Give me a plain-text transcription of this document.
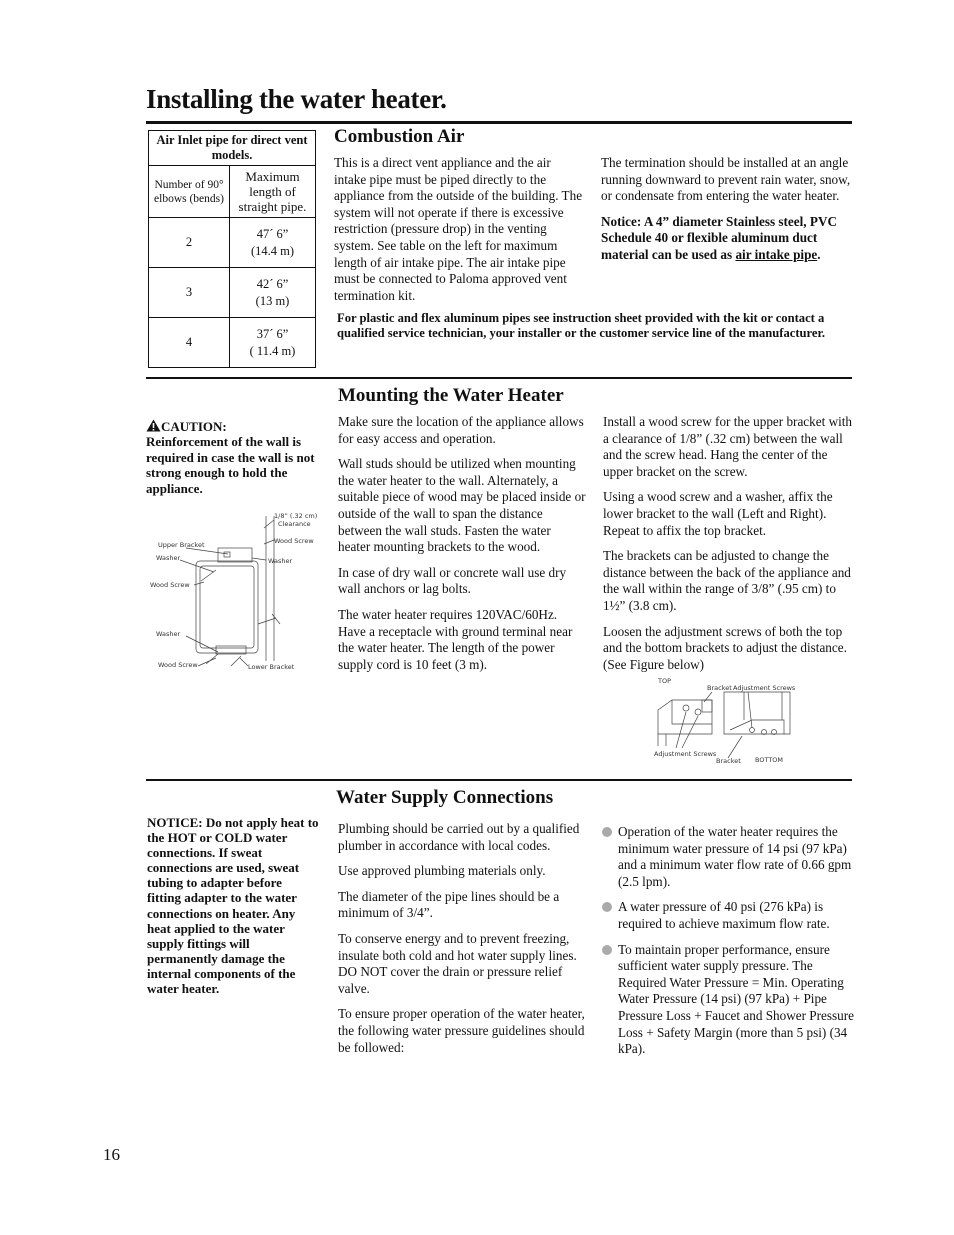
Installing the water heater.
Air Inlet pipe for direct vent models.	
Number of 90° elbows (bends)	Maximum length of straight pipe.
2	47´ 6”
(14.4 m)
3	42´ 6”
(13 m)
4	37´ 6”
( 11.4 m)
Combustion Air

This is a direct vent appliance and the air intake pipe must be piped directly to the appliance from the outside of the building. The system will not operate if there is excessive restriction (pressure drop) in the venting system. See table on the left for maximum length of air intake pipe. The air intake pipe must be connected to Paloma approved vent termination kit.

The termination should be installed at an angle running downward to prevent rain water, snow, or condensate from entering the water heater.

Notice: A 4” diameter Stainless steel, PVC Schedule 40 or flexible aluminum duct material can be used as air intake pipe.

For plastic and flex aluminum pipes see instruction sheet provided with the kit or contact a qualified service technician, your installer or the customer service line of the manufacturer.

Mounting the Water Heater
CAUTION:
Reinforcement of the wall is required in case the wall is not strong enough to hold the appliance.
1/8” (.32 cm)
Clearance
Wood Screw
Upper Bracket
Washer	Washer
Wood Screw
Washer
Wood Screw	Lower Bracket

Make sure the location of the appliance allows for easy access and operation.

Wall studs should be utilized when mounting the water heater to the wall. Alternately, a suitable piece of wood may be placed inside or outside of the wall to span the distance between the wall studs. Fasten the water heater mounting brackets to the wood.

In case of dry wall or concrete wall use dry wall anchors or lag bolts.

The water heater requires 120VAC/60Hz. Have a receptacle with ground terminal near the water heater. The length of the power supply cord is 10 feet (3 m).

Install a wood screw for the upper bracket with a clearance of 1/8” (.32 cm) between the wall and the screw head. Hang the center of the upper bracket on the screw.

Using a wood screw and a washer, affix the lower bracket to the wall (Left and Right). Repeat to affix the top bracket.

The brackets can be adjusted to change the distance between the back of the appliance and the wall within the range of 3/8” (.95 cm) to 1½” (3.8 cm).

Loosen the adjustment screws of both the top and the bottom brackets to adjust the distance. (See Figure below)

TOP
Bracket Adjustment Screws
Adjustment Screws
Bracket BOTTOM
Water Supply Connections
NOTICE: Do not apply heat to the HOT or COLD water connections. If sweat connections are used, sweat tubing to adapter before fitting adapter to the water connections on heater. Any heat applied to the water supply fittings will permanently damage the internal components of the water heater.

Plumbing should be carried out by a qualified plumber in accordance with local codes.

Use approved plumbing materials only.

The diameter of the pipe lines should be a minimum of 3/4”.

To conserve energy and to prevent freezing, insulate both cold and hot water supply lines. DO NOT cover the drain or pressure relief valve.

To ensure proper operation of the water heater, the following water pressure guidelines should be followed:

Operation of the water heater requires the minimum water pressure of 14 psi (97 kPa) and a minimum water flow rate of 0.66 gpm (2.5 lpm).

A water pressure of 40 psi (276 kPa) is required to achieve maximum flow rate.

To maintain proper performance, ensure sufficient water supply pressure. The Required Water Pressure = Min. Operating Water Pressure (14 psi) (97 kPa) + Pipe Pressure Loss + Faucet and Shower Pressure Loss + Safety Margin (more than 5 psi) (34 kPa).

16
